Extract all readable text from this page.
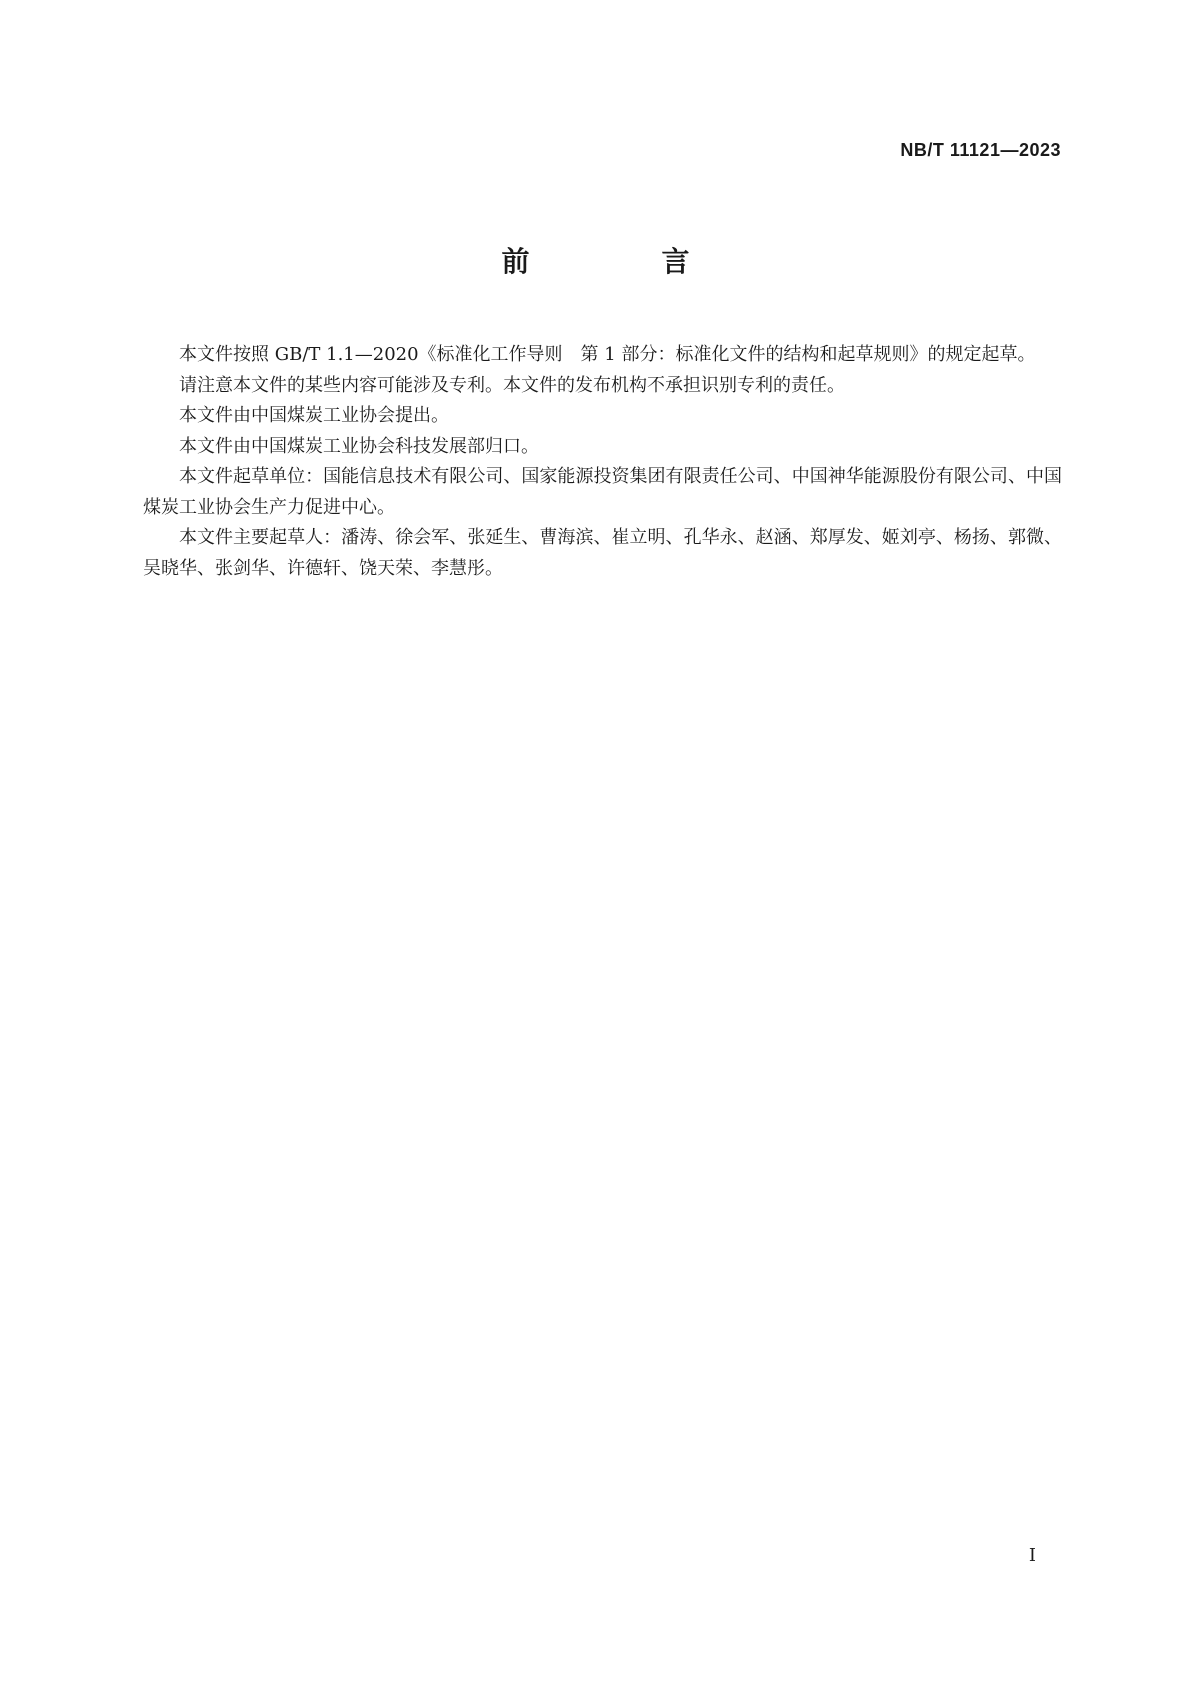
NB/T 11121—2023
前　言

本文件按照 GB/T 1.1—2020《标准化工作导则　第 1 部分：标准化文件的结构和起草规则》的规定起草。

请注意本文件的某些内容可能涉及专利。本文件的发布机构不承担识别专利的责任。

本文件由中国煤炭工业协会提出。

本文件由中国煤炭工业协会科技发展部归口。

本文件起草单位：国能信息技术有限公司、国家能源投资集团有限责任公司、中国神华能源股份有限公司、中国煤炭工业协会生产力促进中心。

本文件主要起草人：潘涛、徐会军、张延生、曹海滨、崔立明、孔华永、赵涵、郑厚发、姬刘亭、杨扬、郭微、吴晓华、张剑华、许德轩、饶天荣、李慧彤。

I
